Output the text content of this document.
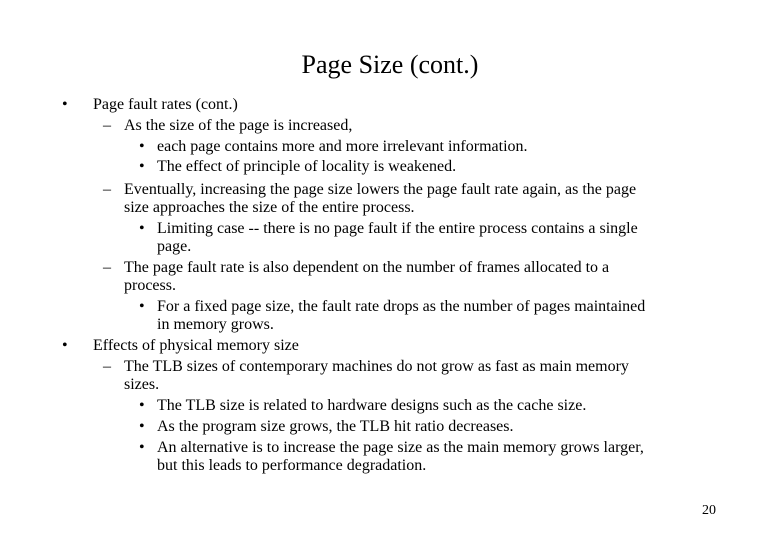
Page Size (cont.)
• Page fault rates (cont.)
– As the size of the page is increased,
• each page contains more and more irrelevant information.
• The effect of principle of locality is weakened.
– Eventually, increasing the page size lowers the page fault rate again, as the page
size approaches the size of the entire process.
• Limiting case -- there is no page fault if the entire process contains a single
page.
– The page fault rate is also dependent on the number of frames allocated to a
process.
• For a fixed page size, the fault rate drops as the number of pages maintained
in memory grows.
• Effects of physical memory size
– The TLB sizes of contemporary machines do not grow as fast as main memory
sizes.
• The TLB size is related to hardware designs such as the cache size.
• As the program size grows, the TLB hit ratio decreases.
• An alternative is to increase the page size as the main memory grows larger,
but this leads to performance degradation.
20
